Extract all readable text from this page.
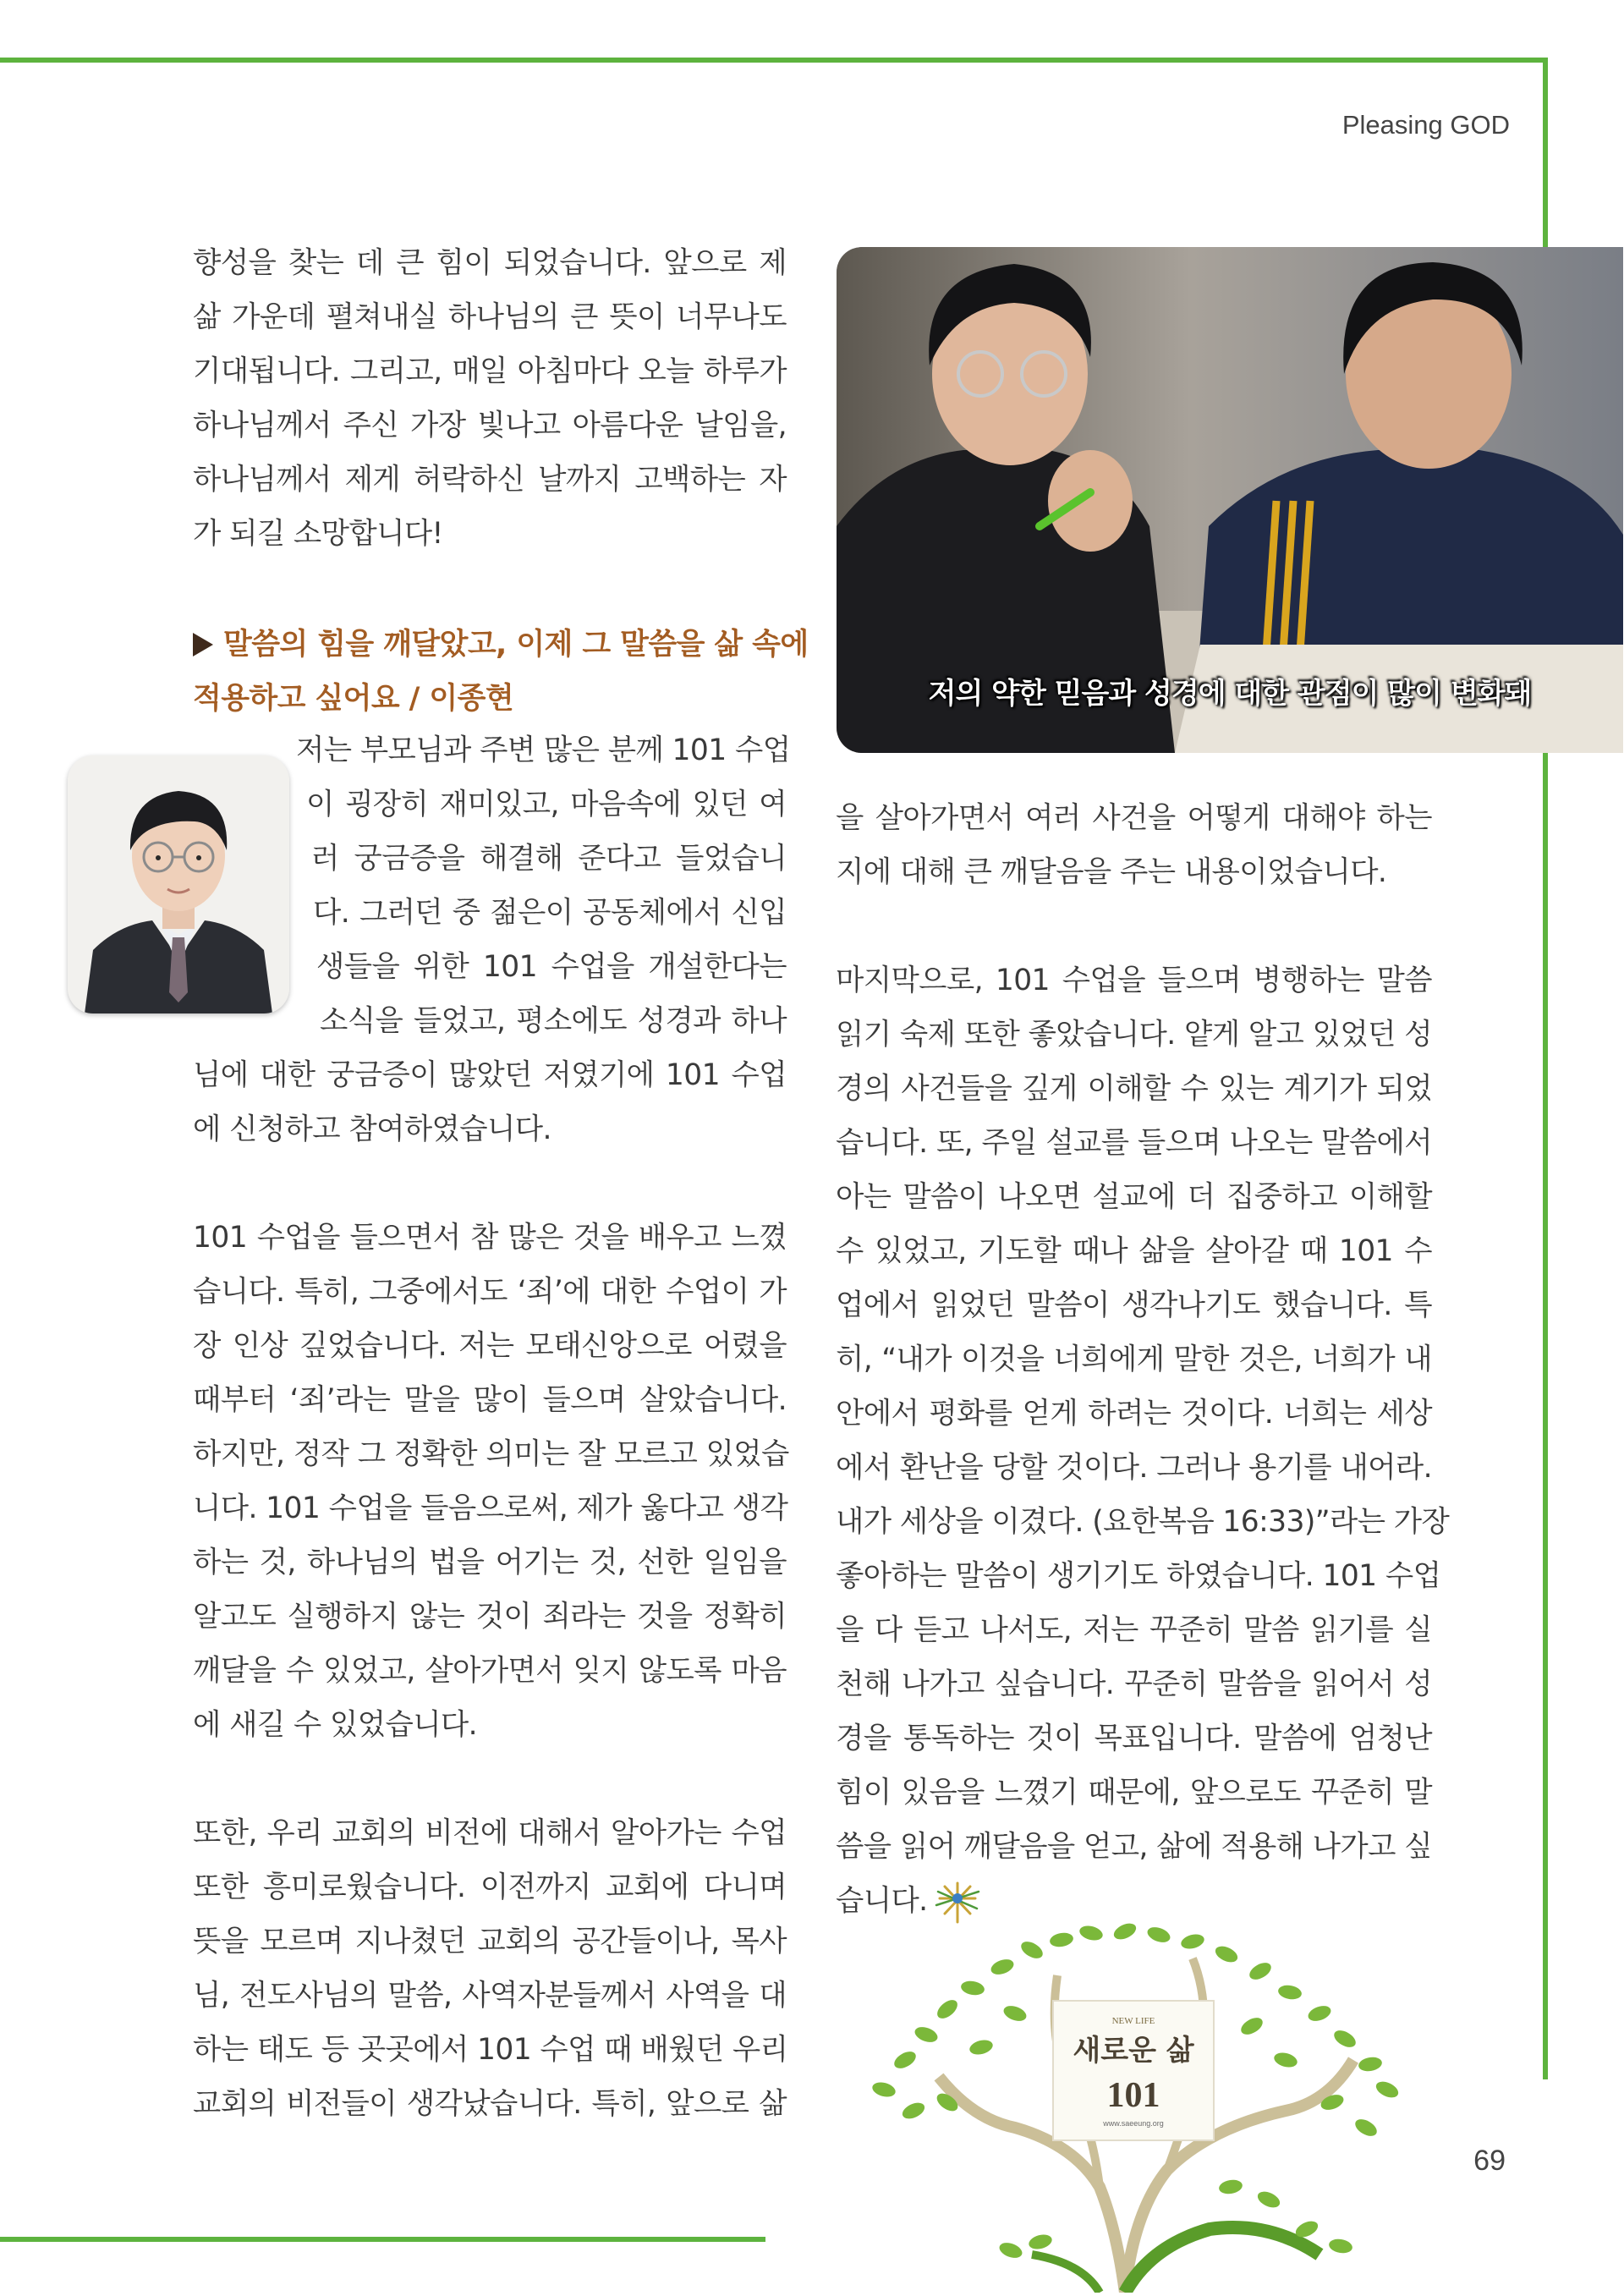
Pleasing GOD

향성을 찾는 데 큰 힘이 되었습니다. 앞으로 제

삶 가운데 펼쳐내실 하나님의 큰 뜻이 너무나도

기대됩니다. 그리고, 매일 아침마다 오늘 하루가

하나님께서 주신 가장 빛나고 아름다운 날임을,

하나님께서 제게 허락하신 날까지 고백하는 자

가 되길 소망합니다!

말씀의 힘을 깨달았고, 이제 그 말씀을 삶 속에

적용하고 싶어요 / 이종현

저는 부모님과 주변 많은 분께 101 수업

이 굉장히 재미있고, 마음속에 있던 여

러 궁금증을 해결해 준다고 들었습니

다. 그러던 중 젊은이 공동체에서 신입

생들을 위한 101 수업을 개설한다는

소식을 들었고, 평소에도 성경과 하나

님에 대한 궁금증이 많았던 저였기에 101 수업

에 신청하고 참여하였습니다.

101 수업을 들으면서 참 많은 것을 배우고 느꼈

습니다. 특히, 그중에서도 ‘죄’에 대한 수업이 가

장 인상 깊었습니다. 저는 모태신앙으로 어렸을

때부터 ‘죄’라는 말을 많이 들으며 살았습니다.

하지만, 정작 그 정확한 의미는 잘 모르고 있었습

니다. 101 수업을 들음으로써, 제가 옳다고 생각

하는 것, 하나님의 법을 어기는 것, 선한 일임을

알고도 실행하지 않는 것이 죄라는 것을 정확히

깨달을 수 있었고, 살아가면서 잊지 않도록 마음

에 새길 수 있었습니다.

또한, 우리 교회의 비전에 대해서 알아가는 수업

또한 흥미로웠습니다. 이전까지 교회에 다니며

뜻을 모르며 지나쳤던 교회의 공간들이나, 목사

님, 전도사님의 말씀, 사역자분들께서 사역을 대

하는 태도 등 곳곳에서 101 수업 때 배웠던 우리

교회의 비전들이 생각났습니다. 특히, 앞으로 삶

저의 약한 믿음과 성경에 대한 관점이 많이 변화돼

을 살아가면서 여러 사건을 어떻게 대해야 하는

지에 대해 큰 깨달음을 주는 내용이었습니다.

마지막으로, 101 수업을 들으며 병행하는 말씀

읽기 숙제 또한 좋았습니다. 얕게 알고 있었던 성

경의 사건들을 깊게 이해할 수 있는 계기가 되었

습니다. 또, 주일 설교를 들으며 나오는 말씀에서

아는 말씀이 나오면 설교에 더 집중하고 이해할

수 있었고, 기도할 때나 삶을 살아갈 때 101 수

업에서 읽었던 말씀이 생각나기도 했습니다. 특

히, “내가 이것을 너희에게 말한 것은, 너희가 내

안에서 평화를 얻게 하려는 것이다. 너희는 세상

에서 환난을 당할 것이다. 그러나 용기를 내어라.

내가 세상을 이겼다. (요한복음 16:33)”라는 가장

좋아하는 말씀이 생기기도 하였습니다. 101 수업

을 다 듣고 나서도, 저는 꾸준히 말씀 읽기를 실

천해 나가고 싶습니다. 꾸준히 말씀을 읽어서 성

경을 통독하는 것이 목표입니다. 말씀에 엄청난

힘이 있음을 느꼈기 때문에, 앞으로도 꾸준히 말

씀을 읽어 깨달음을 얻고, 삶에 적용해 나가고 싶

습니다.

NEW LIFE
새로운 삶
101
www.saeeung.org
69
